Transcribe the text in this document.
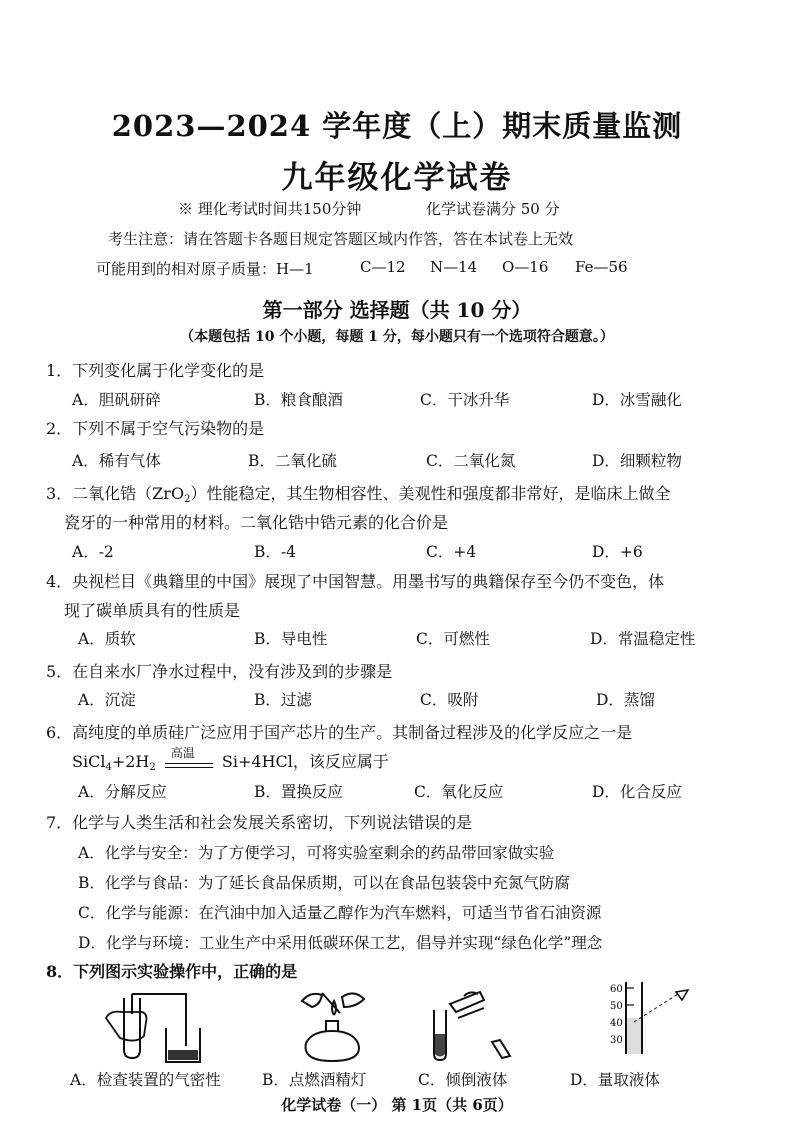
2023—2024 学年度（上）期末质量监测
九年级化学试卷
※ 理化考试时间共150分钟	化学试卷满分 50 分
考生注意：请在答题卡各题目规定答题区域内作答，答在本试卷上无效
可能用到的相对原子质量：H—1	C—12 N—14 O—16 Fe—56
第一部分 选择题（共 10 分）
（本题包括 10 个小题，每题 1 分，每小题只有一个选项符合题意。）
1．下列变化属于化学变化的是
A．胆矾研碎	B．粮食酿酒	C．干冰升华	D．冰雪融化
2．下列不属于空气污染物的是
A．稀有气体	B．二氧化硫	C．二氧化氮	D．细颗粒物
3．二氧化锆（ZrO$_2$）性能稳定，其生物相容性、美观性和强度都非常好，是临床上做全
瓷牙的一种常用的材料。二氧化锆中锆元素的化合价是
A．-2	B．-4	C．+4	D．+6
4．央视栏目《典籍里的中国》展现了中国智慧。用墨书写的典籍保存至今仍不变色，体
现了碳单质具有的性质是
A．质软	B．导电性	C．可燃性	D．常温稳定性
5．在自来水厂净水过程中，没有涉及到的步骤是
A．沉淀	B．过滤	C．吸附	D．蒸馏
6．高纯度的单质硅广泛应用于国产芯片的生产。其制备过程涉及的化学反应之一是
$SiCl_4+2H_2$
高温 Si+4HCl，该反应属于
A．分解反应	B．置换反应	C．氧化反应	D．化合反应
7．化学与人类生活和社会发展关系密切，下列说法错误的是
A．化学与安全：为了方便学习，可将实验室剩余的药品带回家做实验
B．化学与食品：为了延长食品保质期，可以在食品包装袋中充氮气防腐
C．化学与能源：在汽油中加入适量乙醇作为汽车燃料，可适当节省石油资源
D．化学与环境：工业生产中采用低碳环保工艺，倡导并实现“绿色化学”理念
8．下列图示实验操作中，正确的是
60
50
40
30
A．检查装置的气密性	B．点燃酒精灯	C．倾倒液体	D．量取液体
化学试卷（一） 第 1页（共 6页）
